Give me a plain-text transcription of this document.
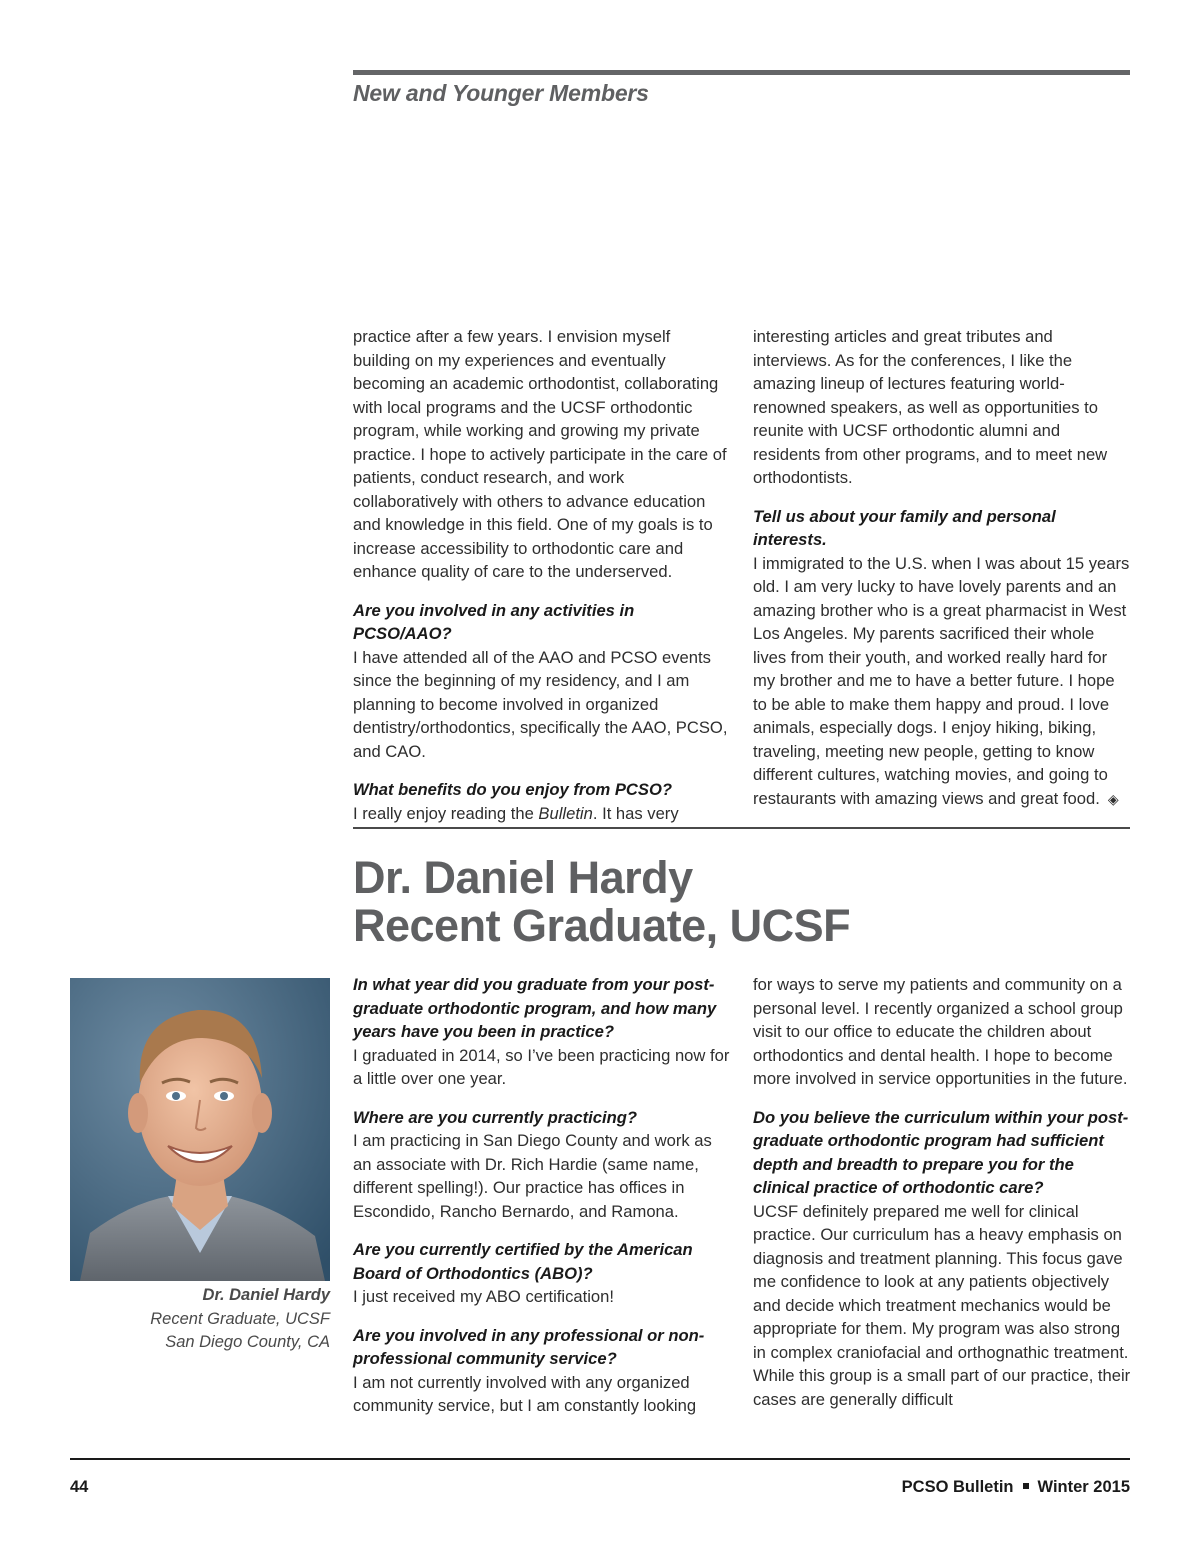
New and Younger Members

practice after a few years. I envision myself building on my experiences and eventually becoming an academic orthodontist, collaborating with local programs and the UCSF orthodontic program, while working and growing my private practice. I hope to actively participate in the care of patients, conduct research, and work collaboratively with others to advance education and knowledge in this field. One of my goals is to increase accessibility to orthodontic care and enhance quality of care to the underserved.

Are you involved in any activities in PCSO/AAO?
I have attended all of the AAO and PCSO events since the beginning of my residency, and I am planning to become involved in organized dentistry/orthodontics, specifically the AAO, PCSO, and CAO.

What benefits do you enjoy from PCSO?
I really enjoy reading the Bulletin. It has very

interesting articles and great tributes and interviews. As for the conferences, I like the amazing lineup of lectures featuring world-renowned speakers, as well as opportunities to reunite with UCSF orthodontic alumni and residents from other programs, and to meet new orthodontists.

Tell us about your family and personal interests.
I immigrated to the U.S. when I was about 15 years old. I am very lucky to have lovely parents and an amazing brother who is a great pharmacist in West Los Angeles. My parents sacrificed their whole lives from their youth, and worked really hard for my brother and me to have a better future. I hope to be able to make them happy and proud. I love animals, especially dogs. I enjoy hiking, biking, traveling, meeting new people, getting to know different cultures, watching movies, and going to restaurants with amazing views and great food. ◈

Dr. Daniel Hardy
Recent Graduate, UCSF
Dr. Daniel Hardy
Recent Graduate, UCSF
San Diego County, CA

In what year did you graduate from your post-graduate orthodontic program, and how many years have you been in practice?
I graduated in 2014, so I’ve been practicing now for a little over one year.

Where are you currently practicing?
I am practicing in San Diego County and work as an associate with Dr. Rich Hardie (same name, different spelling!). Our practice has offices in Escondido, Rancho Bernardo, and Ramona.

Are you currently certified by the American Board of Orthodontics (ABO)?
I just received my ABO certification!

Are you involved in any professional or non-professional community service?
I am not currently involved with any organized community service, but I am constantly looking

for ways to serve my patients and community on a personal level. I recently organized a school group visit to our office to educate the children about orthodontics and dental health. I hope to become more involved in service opportunities in the future.

Do you believe the curriculum within your post-graduate orthodontic program had sufficient depth and breadth to prepare you for the clinical practice of orthodontic care?
UCSF definitely prepared me well for clinical practice. Our curriculum has a heavy emphasis on diagnosis and treatment planning. This focus gave me confidence to look at any patients objectively and decide which treatment mechanics would be appropriate for them. My program was also strong in complex craniofacial and orthognathic treatment. While this group is a small part of our practice, their cases are generally difficult

44	PCSO Bulletin Winter 2015
